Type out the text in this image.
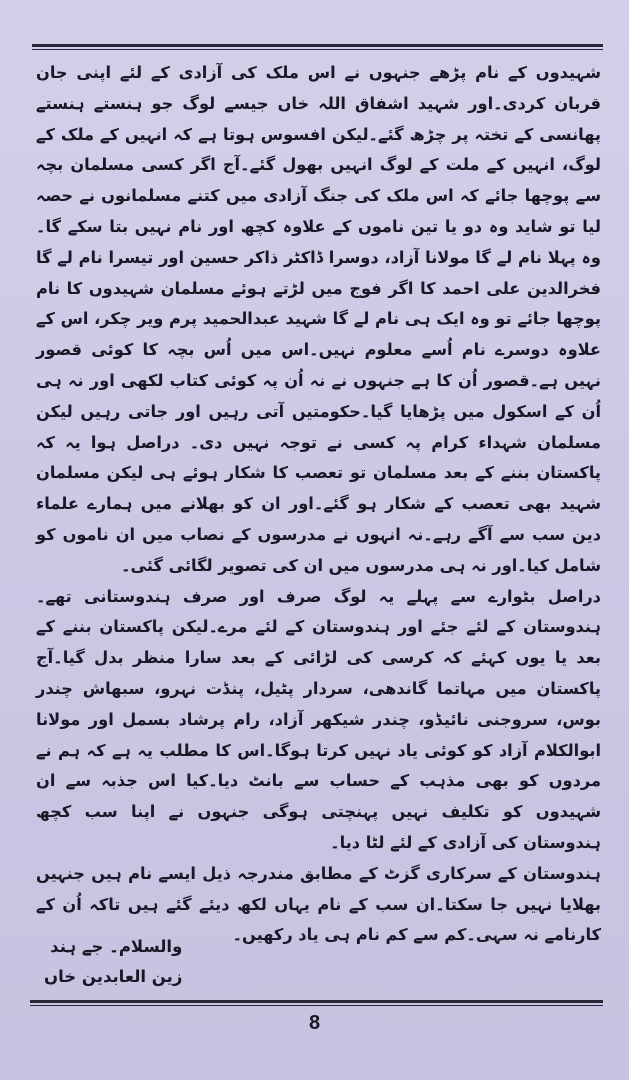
شہیدوں کے نام پڑھے جنہوں نے اس ملک کی آزادی کے لئے اپنی جان قربان کردی۔اور شہید اشفاق اللہ خاں جیسے لوگ جو ہنستے ہنستے پھانسی کے تختہ پر چڑھ گئے۔لیکن افسوس ہوتا ہے کہ انہیں کے ملک کے لوگ، انہیں کے ملت کے لوگ انہیں بھول گئے۔آج اگر کسی مسلمان بچہ سے پوچھا جائے کہ اس ملک کی جنگ آزادی میں کتنے مسلمانوں نے حصہ لیا تو شاید وہ دو یا تین ناموں کے علاوہ کچھ اور نام نہیں بتا سکے گا۔ وہ پہلا نام لے گا مولانا آزاد، دوسرا ڈاکٹر ذاکر حسین اور تیسرا نام لے گا فخرالدین علی احمد کا اگر فوج میں لڑتے ہوئے مسلمان شہیدوں کا نام پوچھا جائے تو وہ ایک ہی نام لے گا شہید عبدالحمید پرم ویر چکر، اس کے علاوہ دوسرے نام اُسے معلوم نہیں۔اس میں اُس بچہ کا کوئی قصور نہیں ہے۔قصور اُن کا ہے جنہوں نے نہ اُن پہ کوئی کتاب لکھی اور نہ ہی اُن کے اسکول میں پڑھایا گیا۔حکومتیں آتی رہیں اور جاتی رہیں لیکن مسلمان شہداء کرام پہ کسی نے توجہ نہیں دی۔ دراصل ہوا یہ کہ پاکستان بننے کے بعد مسلمان تو تعصب کا شکار ہوئے ہی لیکن مسلمان شہید بھی تعصب کے شکار ہو گئے۔اور ان کو بھلانے میں ہمارے علماء دین سب سے آگے رہے۔نہ انہوں نے مدرسوں کے نصاب میں ان ناموں کو شامل کیا۔اور نہ ہی مدرسوں میں ان کی تصویر لگائی گئی۔

دراصل بٹوارے سے پہلے یہ لوگ صرف اور صرف ہندوستانی تھے۔ ہندوستان کے لئے جئے اور ہندوستان کے لئے مرے۔لیکن پاکستان بننے کے بعد یا یوں کہئے کہ کرسی کی لڑائی کے بعد سارا منظر بدل گیا۔آج پاکستان میں مہاتما گاندھی، سردار پٹیل، پنڈت نہرو، سبھاش چندر بوس، سروجنی نائیڈو، چندر شیکھر آزاد، رام پرشاد بسمل اور مولانا ابوالکلام آزاد کو کوئی یاد نہیں کرتا ہوگا۔اس کا مطلب یہ ہے کہ ہم نے مردوں کو بھی مذہب کے حساب سے بانٹ دیا۔کیا اس جذبہ سے ان شہیدوں کو تکلیف نہیں پہنچتی ہوگی جنہوں نے اپنا سب کچھ ہندوستان کی آزادی کے لئے لٹا دیا۔

ہندوستان کے سرکاری گزٹ کے مطابق مندرجہ ذیل ایسے نام ہیں جنہیں بھلایا نہیں جا سکتا۔ان سب کے نام یہاں لکھ دیئے گئے ہیں تاکہ اُن کے کارنامے نہ سہی۔کم سے کم نام ہی یاد رکھیں۔

والسلام۔ جے ہند
زین العابدین خاں
8
